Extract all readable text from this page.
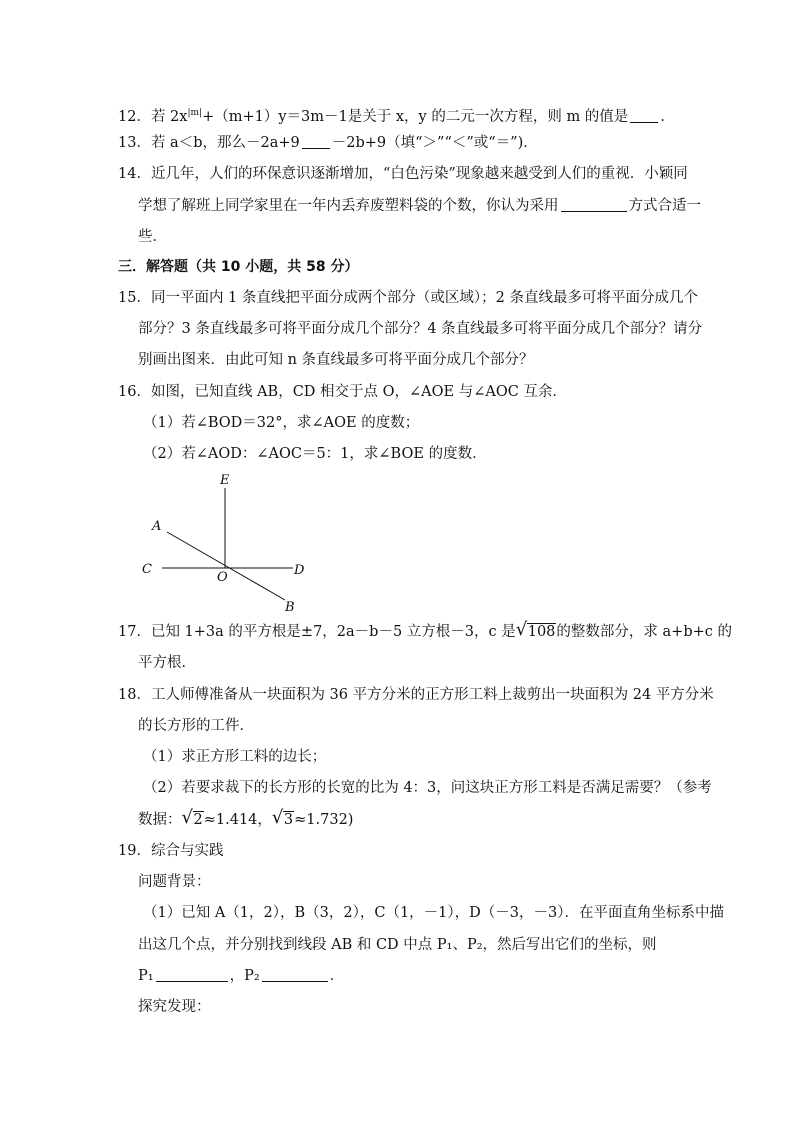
12．若 $2x^{|m|}+(m+1)y=3m-1$是关于 x，y 的二元一次方程，则 m 的值是 ．
13．若 a＜b，那么－2a+9 －2b+9（填“＞”“＜”或“＝”)．
14．近几年，人们的环保意识逐渐增加，“白色污染”现象越来越受到人们的重视．小颖同
学想了解班上同学家里在一年内丢弃废塑料袋的个数，你认为采用	方式合适一
些．
三．解答题（共 10 小题，共 58 分）
15．同一平面内 1 条直线把平面分成两个部分（或区域）；2 条直线最多可将平面分成几个
部分？3 条直线最多可将平面分成几个部分？4 条直线最多可将平面分成几个部分？请分
别画出图来．由此可知 n 条直线最多可将平面分成几个部分？
16．如图，已知直线 AB，CD 相交于点 O，∠AOE 与∠AOC 互余．
（1）若∠BOD＝32°，求∠AOE 的度数；
（2）若∠AOD：∠AOC＝5：1，求∠BOE 的度数．
E
A
C
O	D
B
17．已知 1+3a 的平方根是±7，2a－b－5 立方根－3，c 是 √ 108的整数部分，求 a+b+c 的
平方根．
18．工人师傅准备从一块面积为 36 平方分米的正方形工料上裁剪出一块面积为 24 平方分米
的长方形的工件．
（1）求正方形工料的边长；
（2）若要求裁下的长方形的长宽的比为 4：3，问这块正方形工料是否满足需要？（参考
数据： √ 2≈1.414， √ 3≈1.732)
19．综合与实践
问题背景：
（1）已知 A（1，2），B（3，2），C（1，－1），D（－3，－3）．在平面直角坐标系中描
出这几个点，并分别找到线段 AB 和 CD 中点 P₁、P₂，然后写出它们的坐标，则
P₁	，P₂	．
探究发现：
